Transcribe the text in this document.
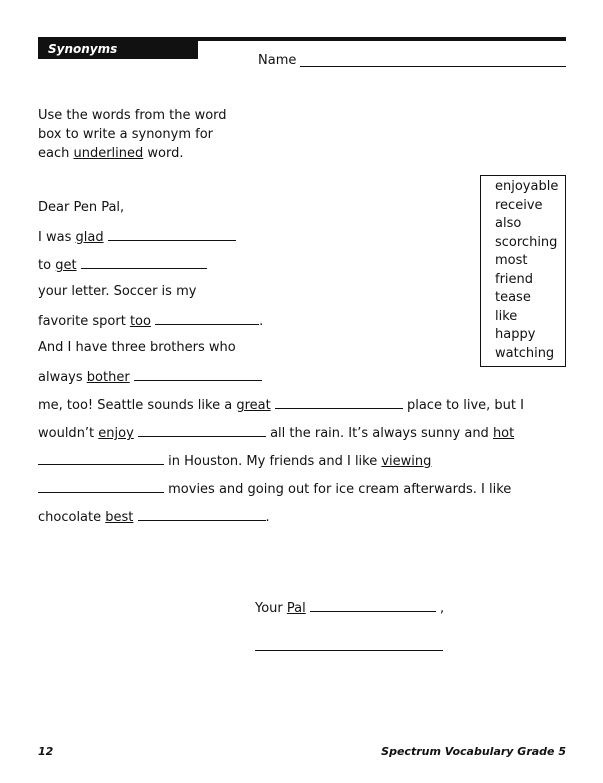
Synonyms
Name
Use the words from the word box to write a synonym for each underlined word.
enjoyable
receive
also
scorching
most
friend
tease
like
happy
watching
Dear Pen Pal,
I was glad
to get
your letter. Soccer is my
favorite sport too	.
And I have three brothers who
always bother
me, too! Seattle sounds like a great	place to live, but I
wouldn’t enjoy	all the rain. It’s always sunny and hot
in Houston. My friends and I like viewing
movies and going out for ice cream afterwards. I like
chocolate best	.
Your Pal	,
12	Spectrum Vocabulary Grade 5
